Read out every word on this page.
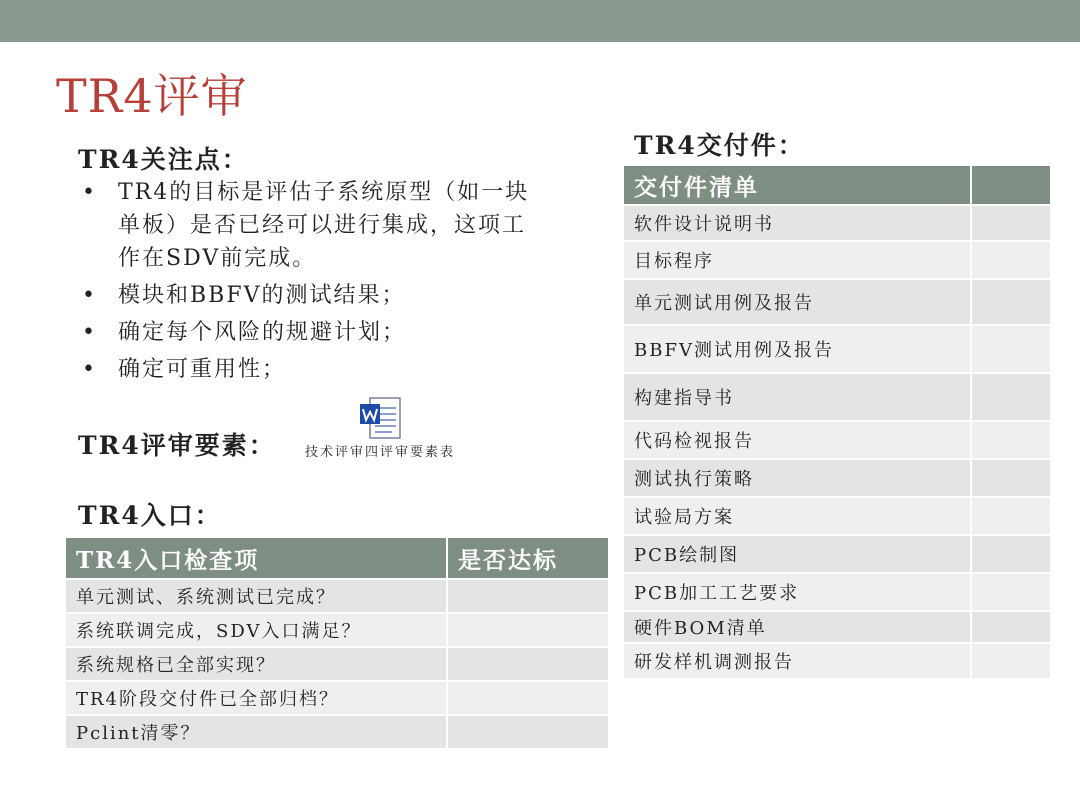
TR4评审
TR4关注点：
• TR4的目标是评估子系统原型（如一块单板）是否已经可以进行集成，这项工作在SDV前完成。
• 模块和BBFV的测试结果；
• 确定每个风险的规避计划；
• 确定可重用性；
TR4评审要素：	技术评审四评审要素表
TR4入口：
TR4入口检查项	是否达标
单元测试、系统测试已完成？	
系统联调完成，SDV入口满足？	
系统规格已全部实现？	
TR4阶段交付件已全部归档？	
Pclint清零？	
TR4交付件：
交付件清单	
软件设计说明书	
目标程序	
单元测试用例及报告	
BBFV测试用例及报告	
构建指导书	
代码检视报告	
测试执行策略	
试验局方案	
PCB绘制图	
PCB加工工艺要求	
硬件BOM清单	
研发样机调测报告	
